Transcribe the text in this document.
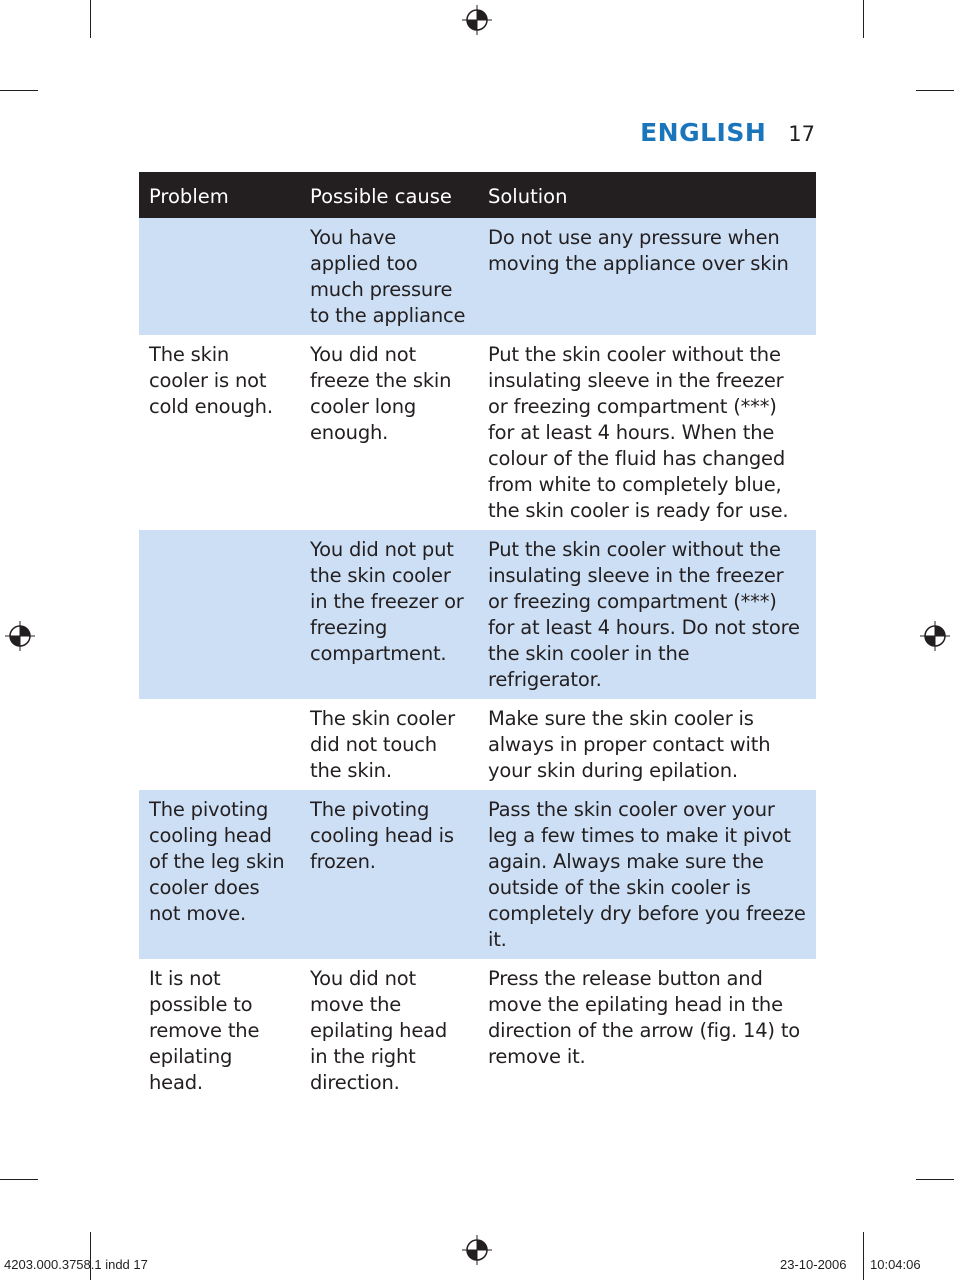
ENGLISH 17
Problem	Possible cause	Solution
	You have applied too much pressure to the appliance	Do not use any pressure when moving the appliance over skin
The skin cooler is not cold enough.	You did not freeze the skin cooler long enough.	Put the skin cooler without the insulating sleeve in the freezer or freezing compartment (***) for at least 4 hours. When the colour of the fluid has changed from white to completely blue, the skin cooler is ready for use.
	You did not put the skin cooler in the freezer or freezing compartment.	Put the skin cooler without the insulating sleeve in the freezer or freezing compartment (***) for at least 4 hours. Do not store the skin cooler in the refrigerator.
	The skin cooler did not touch the skin.	Make sure the skin cooler is always in proper contact with your skin during epilation.
The pivoting cooling head of the leg skin cooler does not move.	The pivoting cooling head is frozen.	Pass the skin cooler over your leg a few times to make it pivot again. Always make sure the outside of the skin cooler is completely dry before you freeze it.
It is not possible to remove the epilating head.	You did not move the epilating head in the right direction.	Press the release button and move the epilating head in the direction of the arrow (fig. 14) to remove it.
4203.000.3758.1 indd 17	23-10-2006 10:04:06
